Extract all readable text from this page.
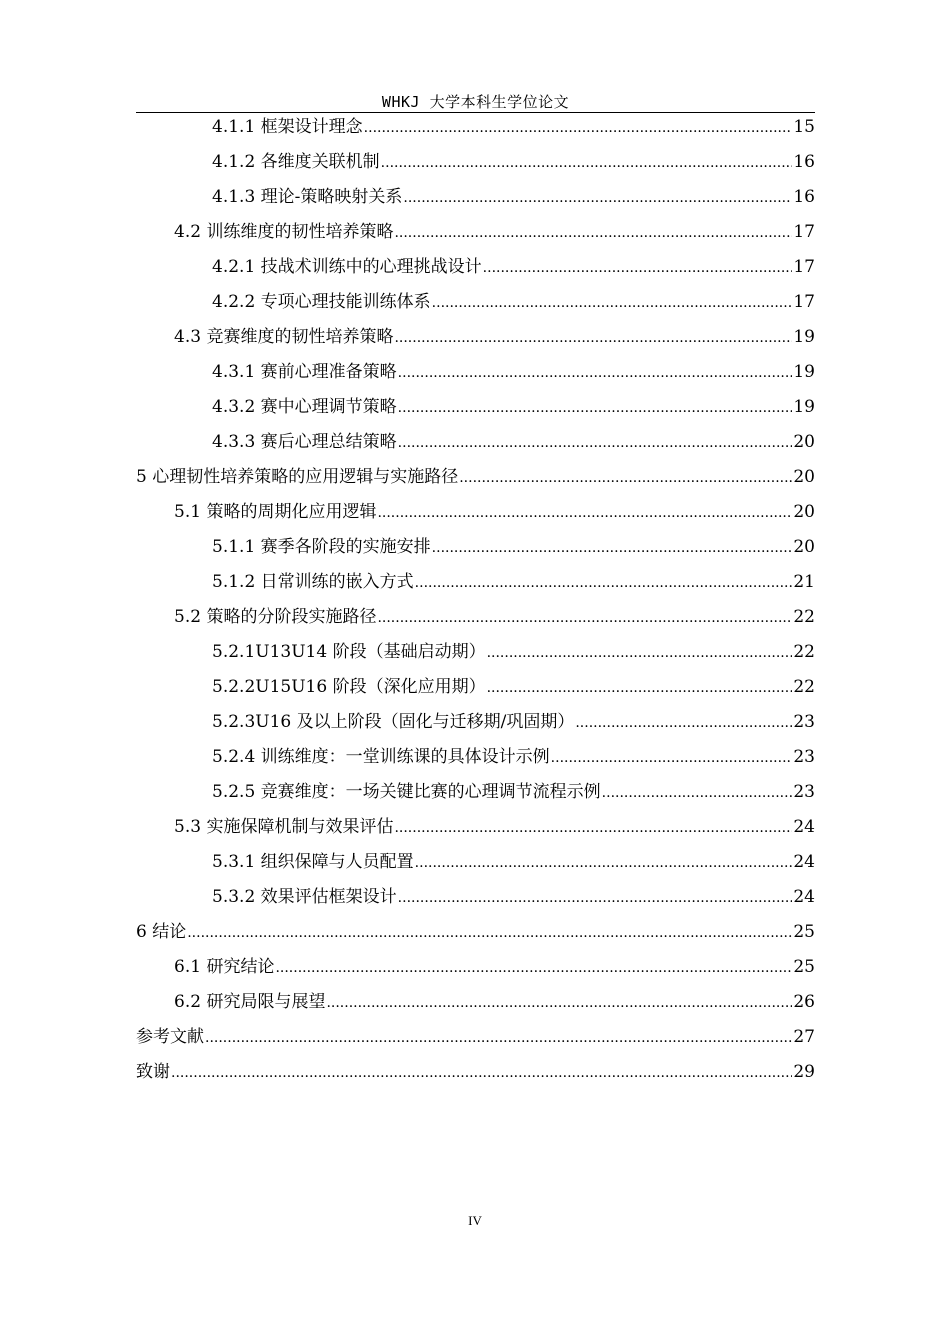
WHKJ 大学本科生学位论文
4.1.1 框架设计理念 .....	15
4.1.2 各维度关联机制 .....	16
4.1.3 理论-策略映射关系 .....	16
4.2 训练维度的韧性培养策略 .....	17
4.2.1 技战术训练中的心理挑战设计 .....	17
4.2.2 专项心理技能训练体系 .....	17
4.3 竞赛维度的韧性培养策略 .....	19
4.3.1 赛前心理准备策略 .....	19
4.3.2 赛中心理调节策略 .....	19
4.3.3 赛后心理总结策略 .....	20
5 心理韧性培养策略的应用逻辑与实施路径 .....	20
5.1 策略的周期化应用逻辑 .....	20
5.1.1 赛季各阶段的实施安排 .....	20
5.1.2 日常训练的嵌入方式 .....	21
5.2 策略的分阶段实施路径 .....	22
5.2.1U13U14 阶段（基础启动期） .....	22
5.2.2U15U16 阶段（深化应用期） .....	22
5.2.3U16 及以上阶段（固化与迁移期/巩固期） .....	23
5.2.4 训练维度：一堂训练课的具体设计示例 .....	23
5.2.5 竞赛维度：一场关键比赛的心理调节流程示例 .....	23
5.3 实施保障机制与效果评估 .....	24
5.3.1 组织保障与人员配置 .....	24
5.3.2 效果评估框架设计 .....	24
6 结论 .....	25
6.1 研究结论 .....	25
6.2 研究局限与展望 .....	26
参考文献 .....	27
致谢 .....	29
IV
